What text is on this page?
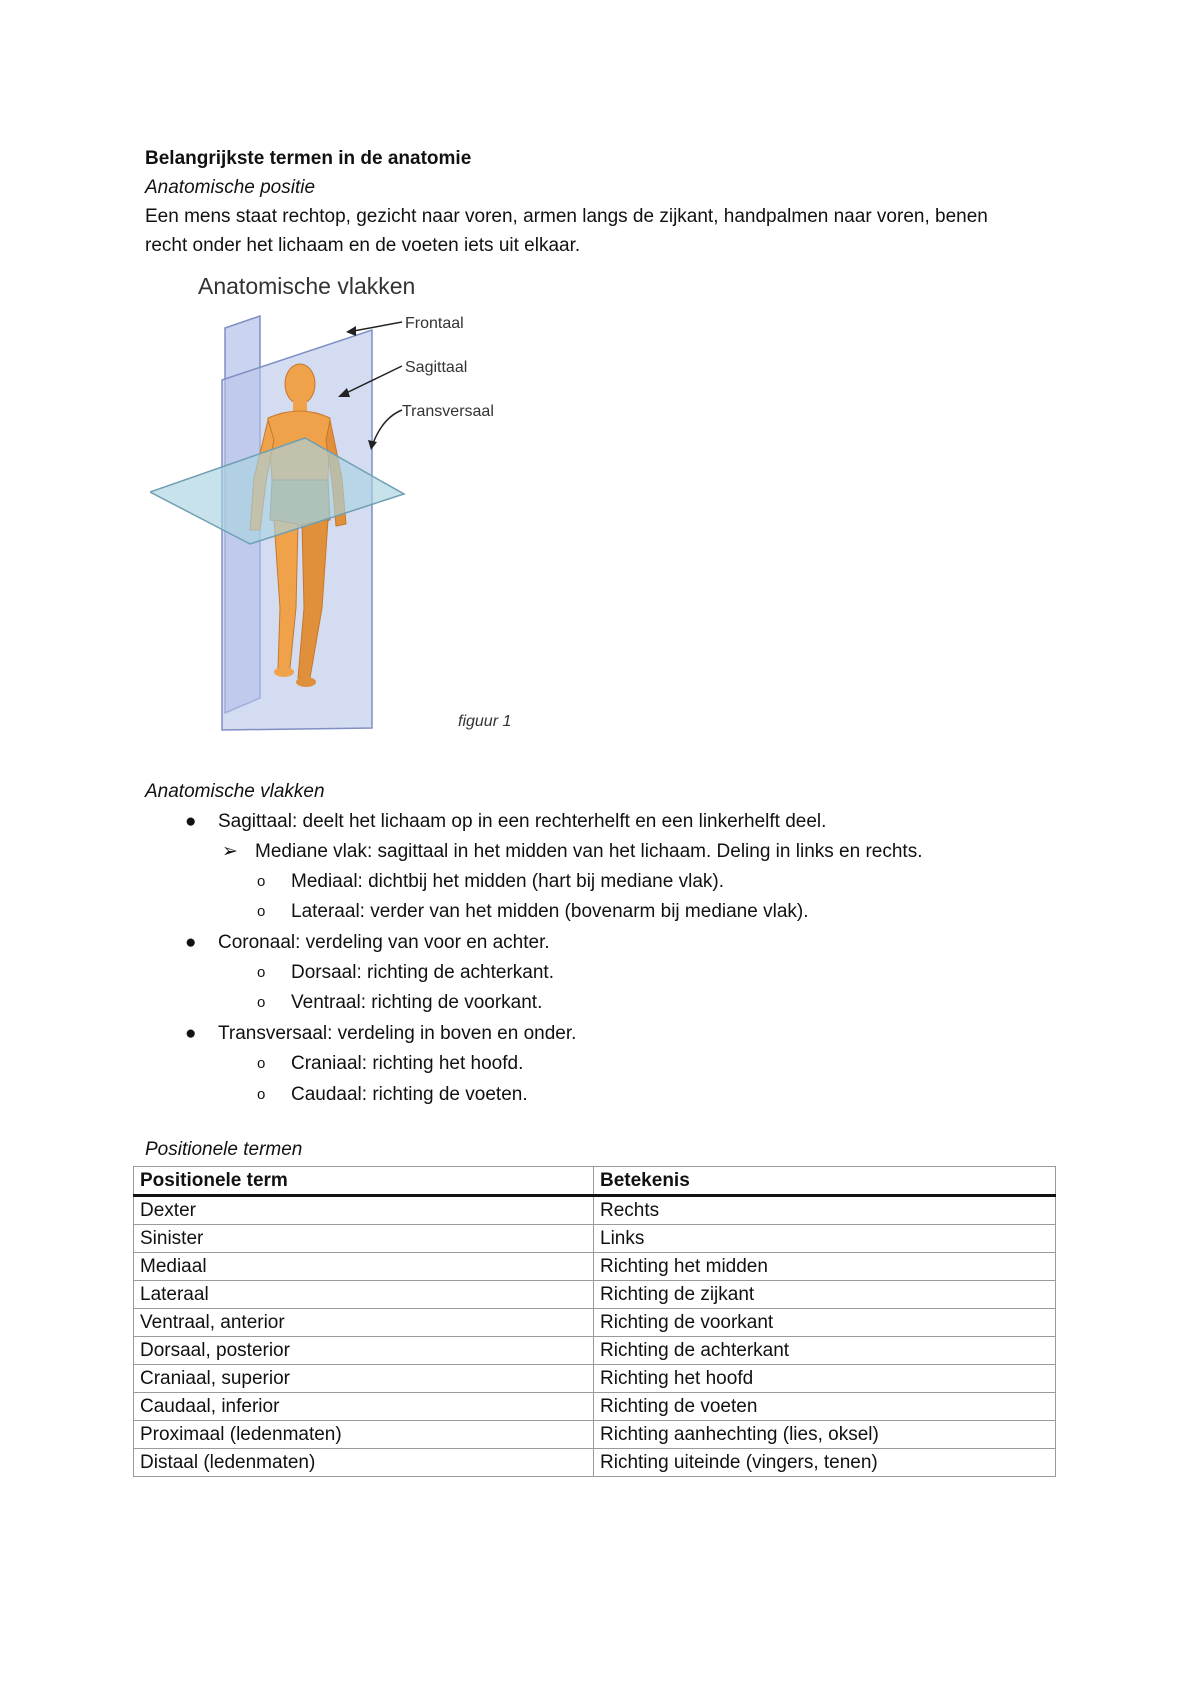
Belangrijkste termen in de anatomie
Anatomische positie
Een mens staat rechtop, gezicht naar voren, armen langs de zijkant, handpalmen naar voren, benen
recht onder het lichaam en de voeten iets uit elkaar.
Anatomische vlakken
Frontaal
Sagittaal
Transversaal
figuur 1
Anatomische vlakken
● Sagittaal: deelt het lichaam op in een rechterhelft en een linkerhelft deel.
➢ Mediane vlak: sagittaal in het midden van het lichaam. Deling in links en rechts.
o Mediaal: dichtbij het midden (hart bij mediane vlak).
o Lateraal: verder van het midden (bovenarm bij mediane vlak).
● Coronaal: verdeling van voor en achter.
o Dorsaal: richting de achterkant.
o Ventraal: richting de voorkant.
● Transversaal: verdeling in boven en onder.
o Craniaal: richting het hoofd.
o Caudaal: richting de voeten.
Positionele termen
Positionele term	Betekenis
Dexter	Rechts
Sinister	Links
Mediaal	Richting het midden
Lateraal	Richting de zijkant
Ventraal, anterior	Richting de voorkant
Dorsaal, posterior	Richting de achterkant
Craniaal, superior	Richting het hoofd
Caudaal, inferior	Richting de voeten
Proximaal (ledenmaten)	Richting aanhechting (lies, oksel)
Distaal (ledenmaten)	Richting uiteinde (vingers, tenen)
